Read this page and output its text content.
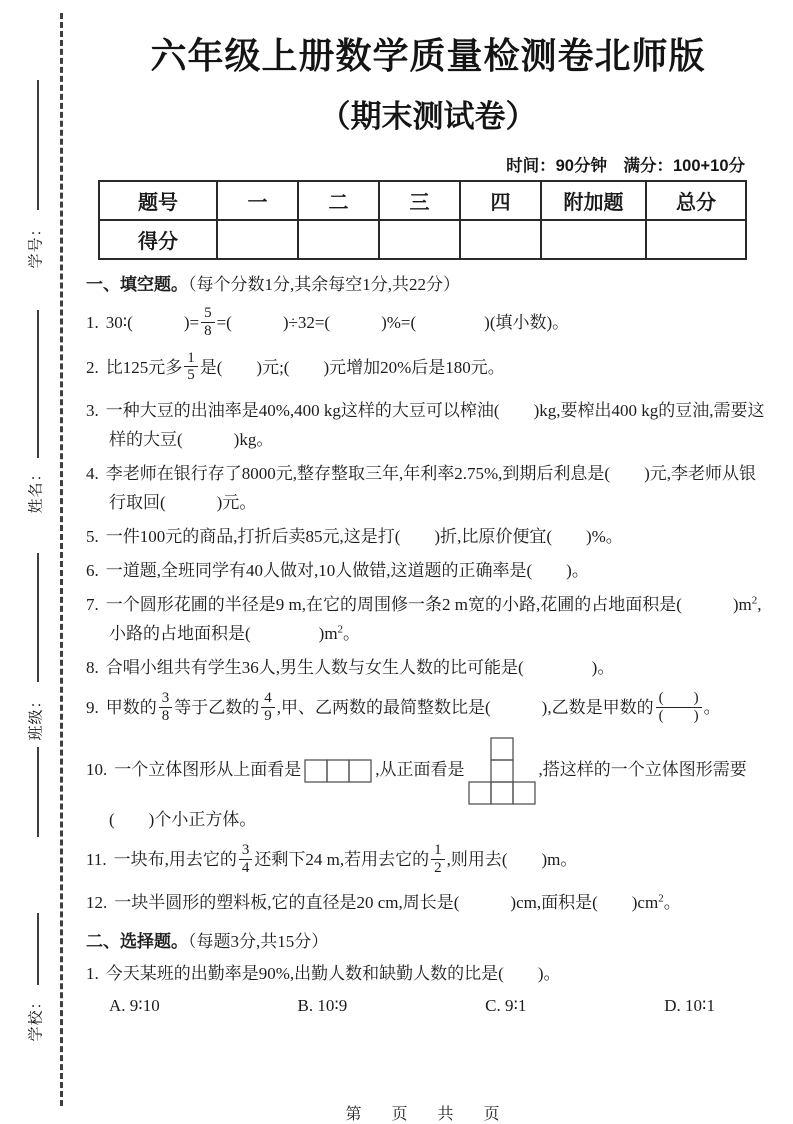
学号：
姓名：
班级：
学校：
六年级上册数学质量检测卷北师版
（期末测试卷）
时间：90分钟　满分：100+10分
题号	一	二	三	四	附加题	总分
得分						
一、填空题。（每个分数1分,其余每空1分,共22分）

1. 30∶(　　　)= $\frac{5}{8}$ =(　　　)÷32=(　　　)%=(　　　　)(填小数)。

2. 比125元多 $\frac{1}{5}$ 是(　　)元;(　　)元增加20%后是180元。

3. 一种大豆的出油率是40%,400 kg这样的大豆可以榨油(　　)kg,要榨出400 kg的豆油,需要这样的大豆(　　　)kg。

4. 李老师在银行存了8000元,整存整取三年,年利率2.75%,到期后利息是(　　)元,李老师从银行取回(　　　)元。

5. 一件100元的商品,打折后卖85元,这是打(　　)折,比原价便宜(　　)%。

6. 一道题,全班同学有40人做对,10人做错,这道题的正确率是(　　)。

7. 一个圆形花圃的半径是9 m,在它的周围修一条2 m宽的小路,花圃的占地面积是(　　　)$m^2$,小路的占地面积是(　　　　)$m^2$。

8. 合唱小组共有学生36人,男生人数与女生人数的比可能是(　　　　)。

9. 甲数的 $\frac{3}{8}$ 等于乙数的 $\frac{4}{9}$ ,甲、乙两数的最简整数比是(　　　),乙数是甲数的 $\frac{( )}{( )}$ 。

10. 一个立体图形从上面看是	,从正面看是	,搭这样的一个立体图形需要(　　)个小正方体。

11. 一块布,用去它的 $\frac{3}{4}$ 还剩下24 m,若用去它的 $\frac{1}{2}$ ,则用去(　　)m。

12. 一块半圆形的塑料板,它的直径是20 cm,周长是(　　　)cm,面积是(　　)$cm^2$。

二、选择题。（每题3分,共15分）

1. 今天某班的出勤率是90%,出勤人数和缺勤人数的比是(　　)。

A. 9∶10	B. 10∶9	C. 9∶1	D. 10∶1
第　页　共　页
